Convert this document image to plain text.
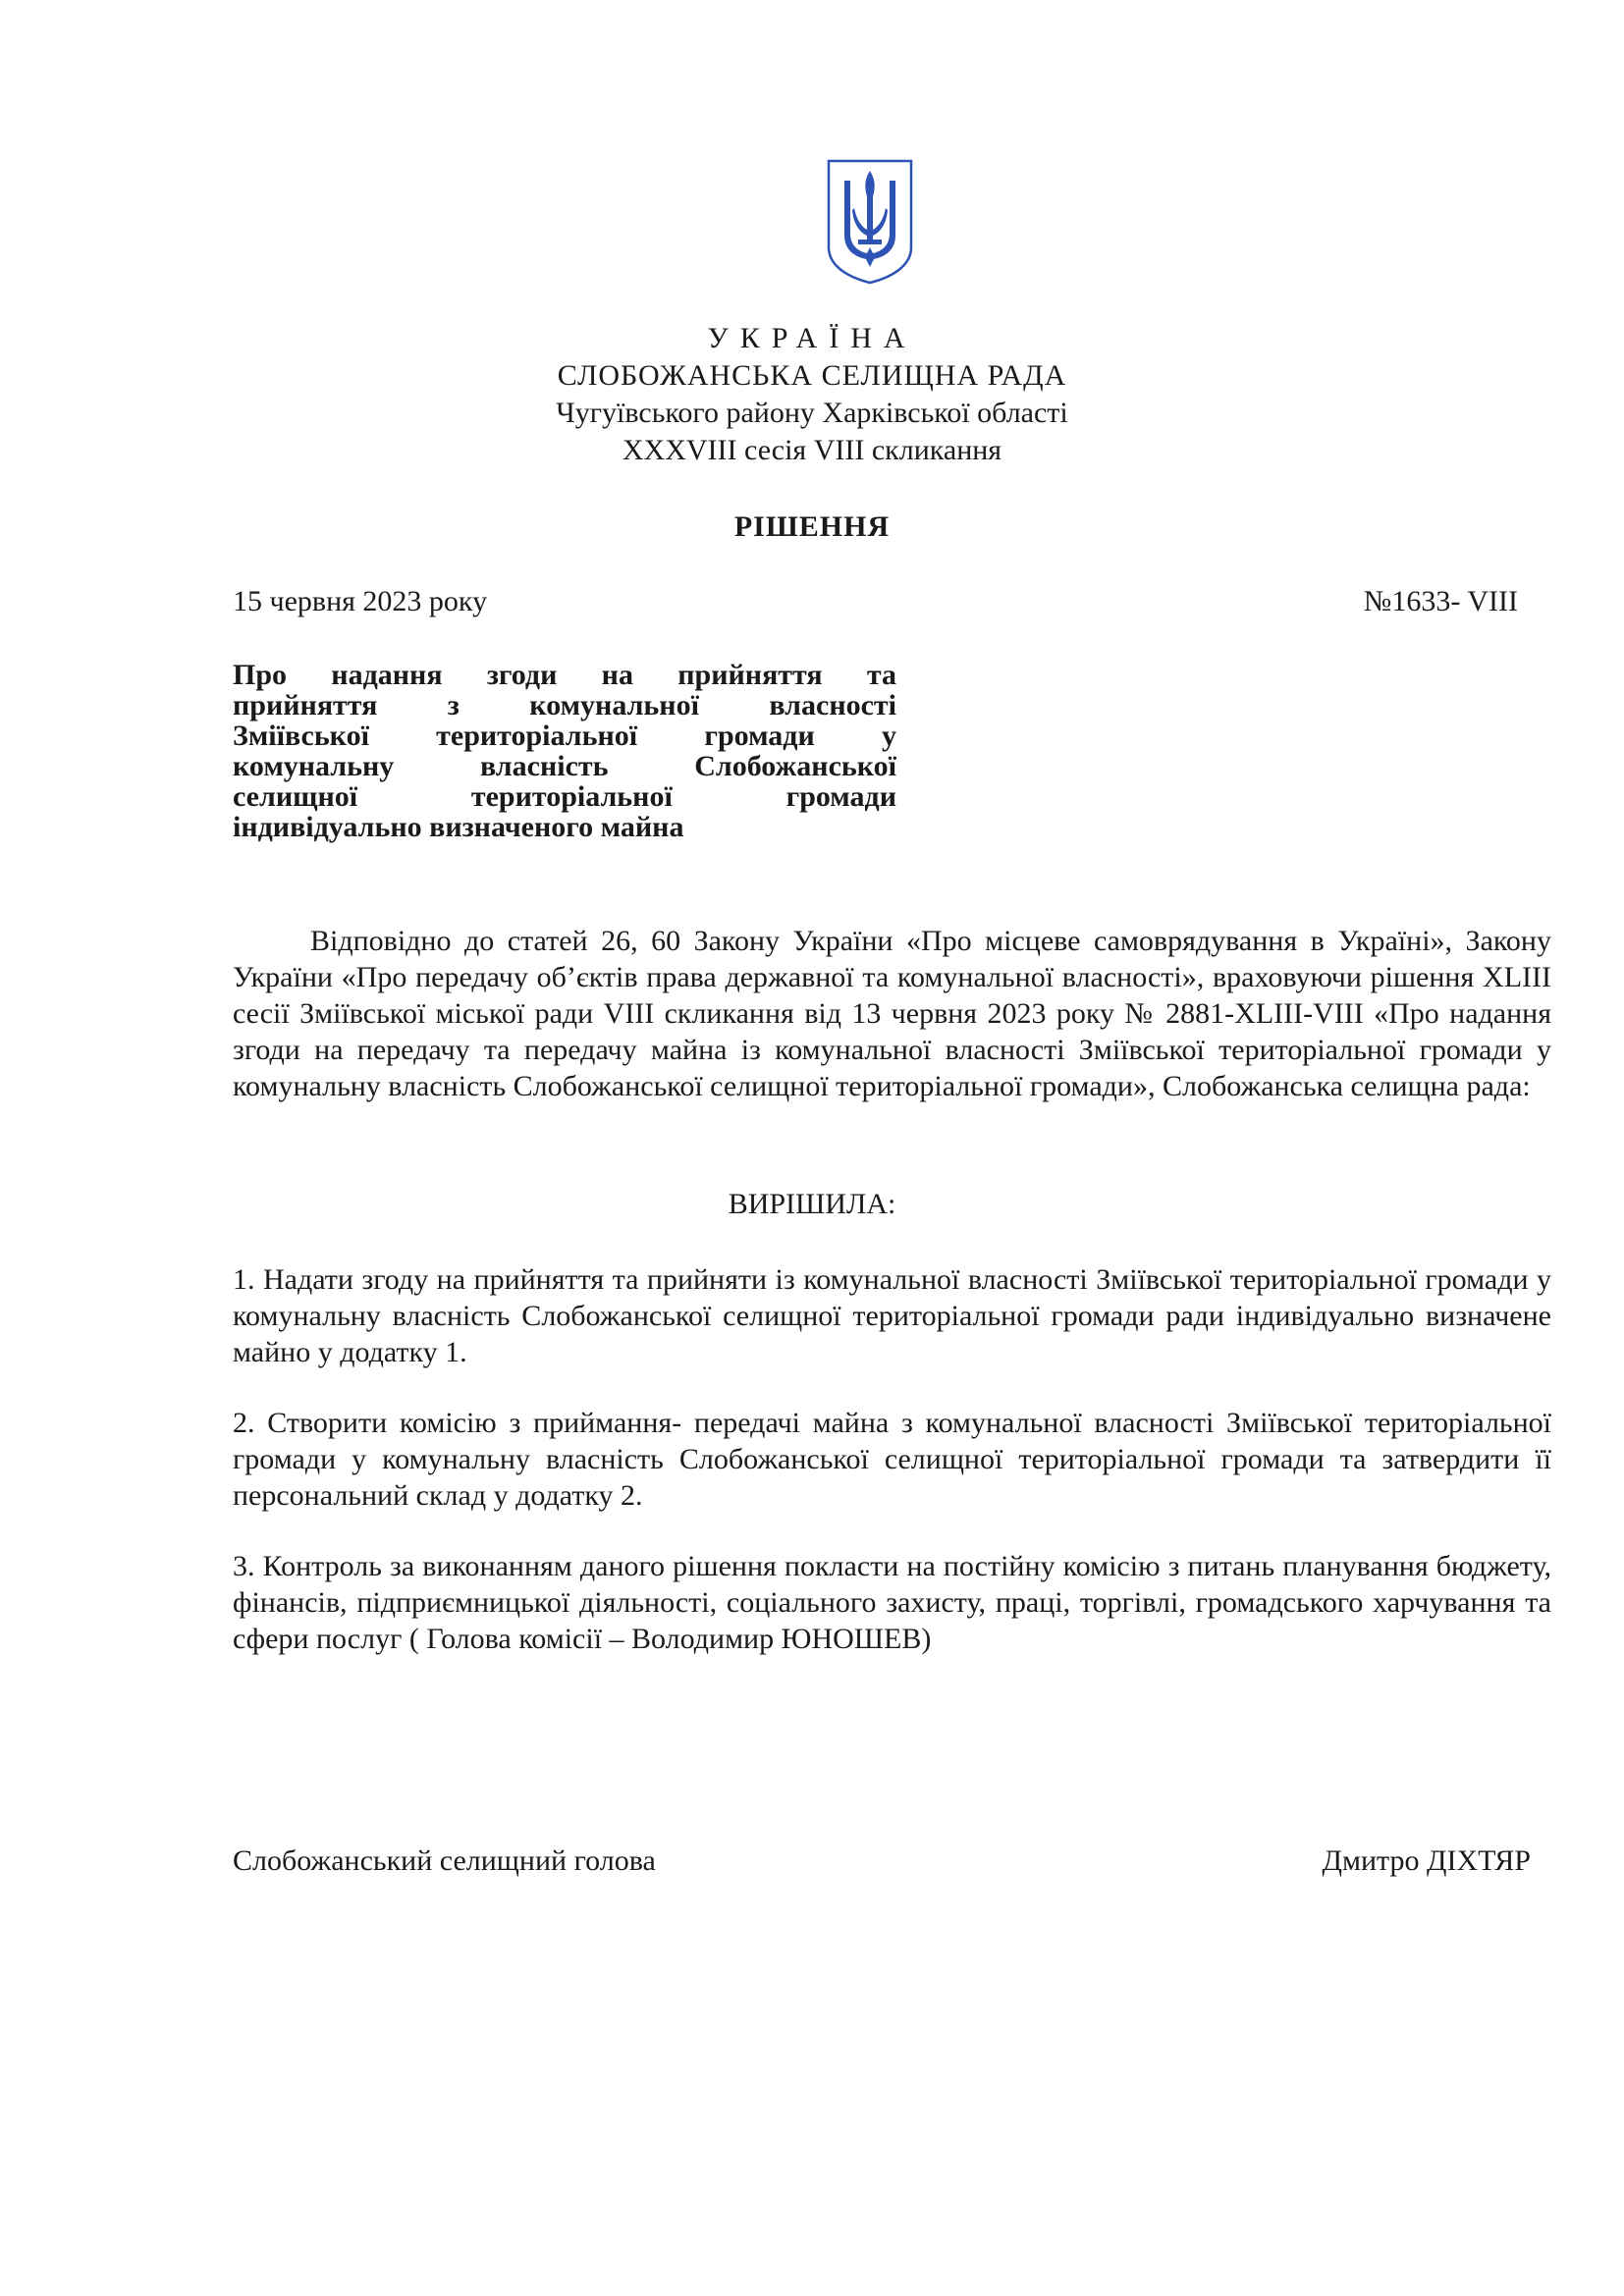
УКРАЇНА
СЛОБОЖАНСЬКА СЕЛИЩНА РАДА
Чугуївського району Харківської області
XXXVIII сесія VIII скликання
РІШЕННЯ
15 червня 2023 року	№1633- VIII
Про надання згоди на прийняття та
прийняття з комунальної власності
Зміївської територіальної громади у
комунальну власність Слобожанської
селищної територіальної громади
індивідуально визначеного майна
Відповідно до статей 26, 60 Закону України «Про місцеве самоврядування в Україні», Закону України «Про передачу об’єктів права державної та комунальної власності», враховуючи рішення XLIII сесії Зміївської міської ради VIII скликання від 13 червня 2023 року № 2881-XLIII-VIII «Про надання згоди на передачу та передачу майна із комунальної власності Зміївської територіальної громади у комунальну власність Слобожанської селищної територіальної громади», Слобожанська селищна рада:
ВИРІШИЛА:
1. Надати згоду на прийняття та прийняти із комунальної власності Зміївської територіальної громади у комунальну власність Слобожанської селищної територіальної громади ради індивідуально визначене майно у додатку 1.
2. Створити комісію з приймання- передачі майна з комунальної власності Зміївської територіальної громади у комунальну власність Слобожанської селищної територіальної громади та затвердити її персональний склад у додатку 2.
3. Контроль за виконанням даного рішення покласти на постійну комісію з питань планування бюджету, фінансів, підприємницької діяльності, соціального захисту, праці, торгівлі, громадського харчування та сфери послуг ( Голова комісії – Володимир ЮНОШЕВ)
Слобожанський селищний голова	Дмитро ДІХТЯР
